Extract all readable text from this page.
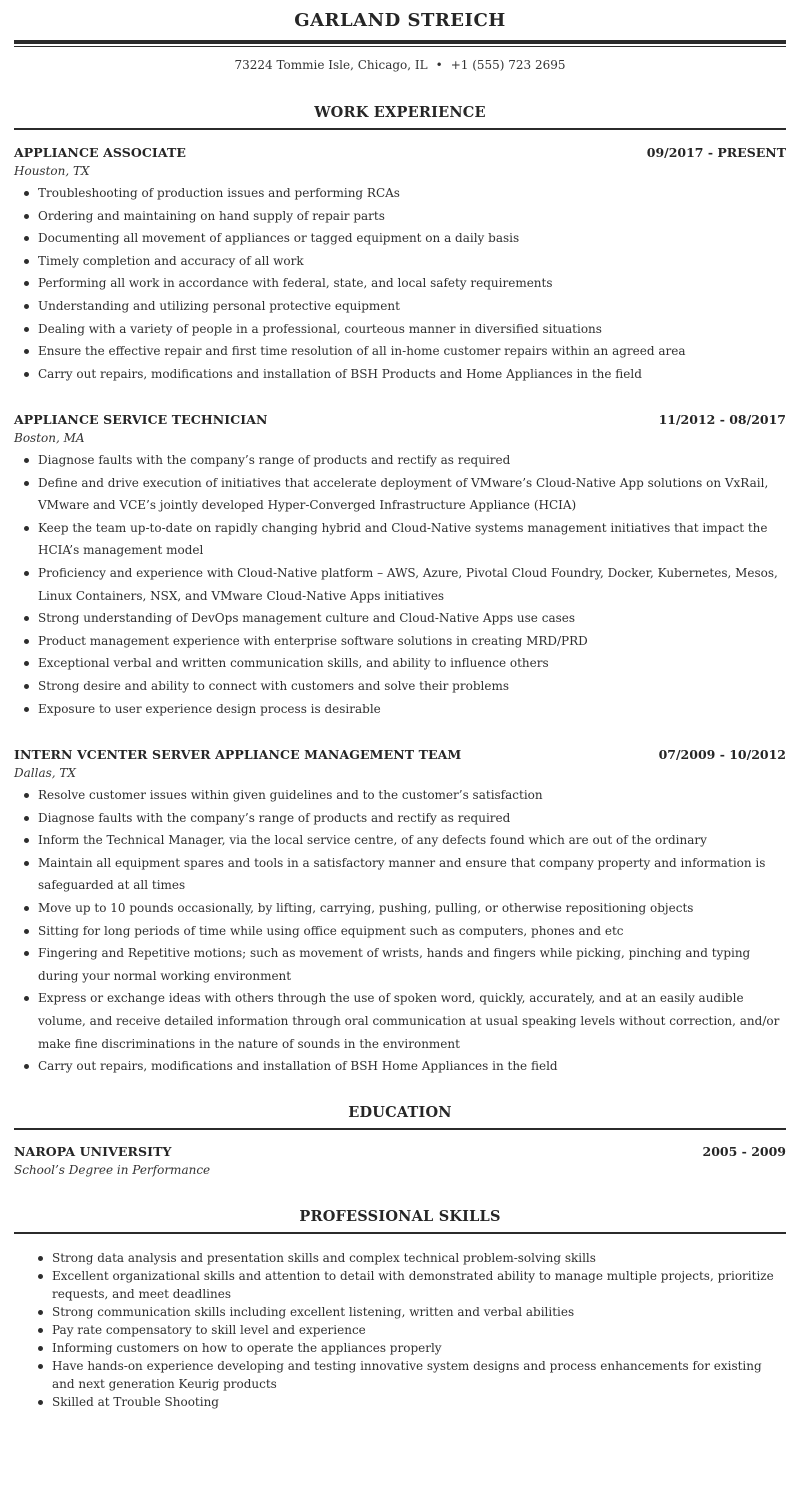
GARLAND STREICH
73224 Tommie Isle, Chicago, IL • +1 (555) 723 2695
WORK EXPERIENCE
APPLIANCE ASSOCIATE	09/2017 - PRESENT
Houston, TX
Troubleshooting of production issues and performing RCAs
Ordering and maintaining on hand supply of repair parts
Documenting all movement of appliances or tagged equipment on a daily basis
Timely completion and accuracy of all work
Performing all work in accordance with federal, state, and local safety requirements
Understanding and utilizing personal protective equipment
Dealing with a variety of people in a professional, courteous manner in diversified situations
Ensure the effective repair and first time resolution of all in-home customer repairs within an agreed area
Carry out repairs, modifications and installation of BSH Products and Home Appliances in the field
APPLIANCE SERVICE TECHNICIAN	11/2012 - 08/2017
Boston, MA
Diagnose faults with the company’s range of products and rectify as required
Define and drive execution of initiatives that accelerate deployment of VMware’s Cloud-Native App solutions on VxRail, VMware and VCE’s jointly developed Hyper-Converged Infrastructure Appliance (HCIA)
Keep the team up-to-date on rapidly changing hybrid and Cloud-Native systems management initiatives that impact the HCIA’s management model
Proficiency and experience with Cloud-Native platform – AWS, Azure, Pivotal Cloud Foundry, Docker, Kubernetes, Mesos, Linux Containers, NSX, and VMware Cloud-Native Apps initiatives
Strong understanding of DevOps management culture and Cloud-Native Apps use cases
Product management experience with enterprise software solutions in creating MRD/PRD
Exceptional verbal and written communication skills, and ability to influence others
Strong desire and ability to connect with customers and solve their problems
Exposure to user experience design process is desirable
INTERN VCENTER SERVER APPLIANCE MANAGEMENT TEAM	07/2009 - 10/2012
Dallas, TX
Resolve customer issues within given guidelines and to the customer’s satisfaction
Diagnose faults with the company’s range of products and rectify as required
Inform the Technical Manager, via the local service centre, of any defects found which are out of the ordinary
Maintain all equipment spares and tools in a satisfactory manner and ensure that company property and information is safeguarded at all times
Move up to 10 pounds occasionally, by lifting, carrying, pushing, pulling, or otherwise repositioning objects
Sitting for long periods of time while using office equipment such as computers, phones and etc
Fingering and Repetitive motions; such as movement of wrists, hands and fingers while picking, pinching and typing during your normal working environment
Express or exchange ideas with others through the use of spoken word, quickly, accurately, and at an easily audible volume, and receive detailed information through oral communication at usual speaking levels without correction, and/or make fine discriminations in the nature of sounds in the environment
Carry out repairs, modifications and installation of BSH Home Appliances in the field
EDUCATION
NAROPA UNIVERSITY	2005 - 2009
School’s Degree in Performance
PROFESSIONAL SKILLS
Strong data analysis and presentation skills and complex technical problem-solving skills
Excellent organizational skills and attention to detail with demonstrated ability to manage multiple projects, prioritize requests, and meet deadlines
Strong communication skills including excellent listening, written and verbal abilities
Pay rate compensatory to skill level and experience
Informing customers on how to operate the appliances properly
Have hands-on experience developing and testing innovative system designs and process enhancements for existing and next generation Keurig products
Skilled at Trouble Shooting
